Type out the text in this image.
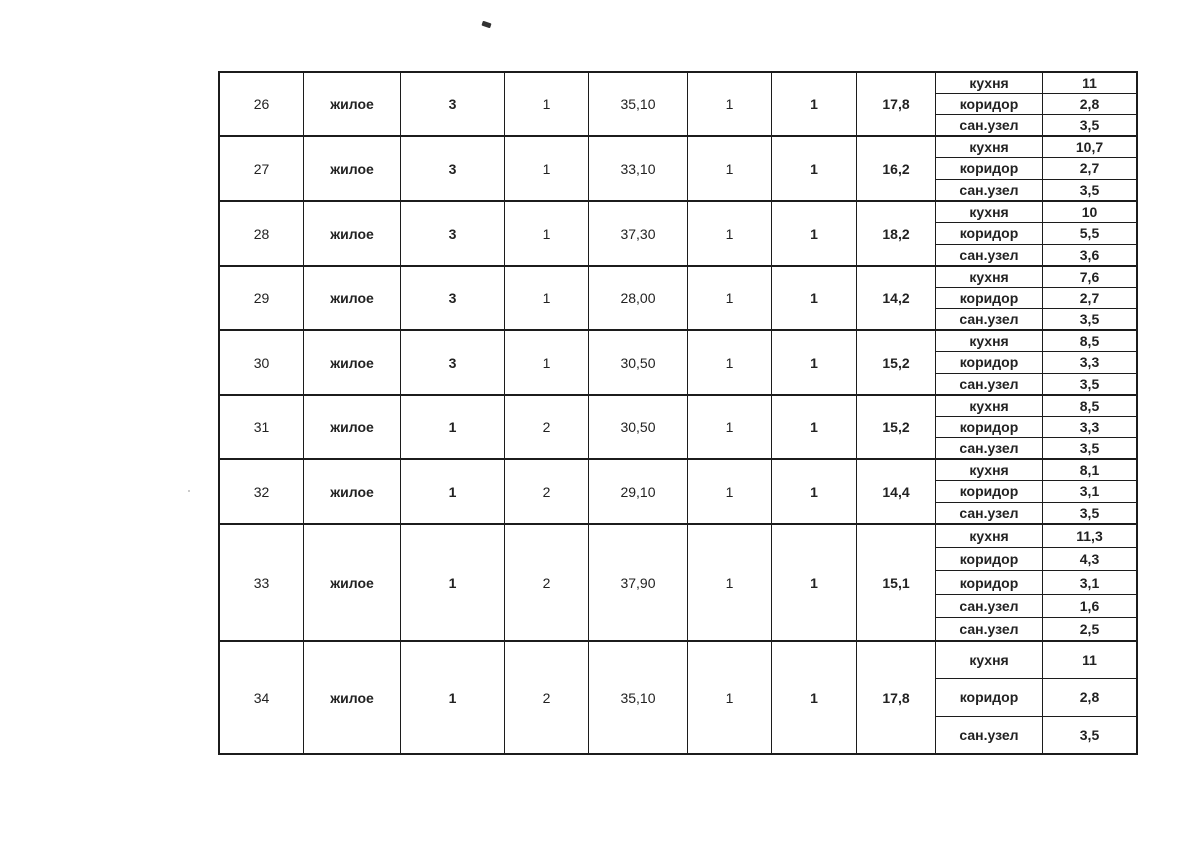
26	жилое	3	1	35,10	1	1	17,8
кухня	11
коридор	2,8
сан.узел	3,5
27	жилое	3	1	33,10	1	1	16,2
кухня	10,7
коридор	2,7
сан.узел	3,5
28	жилое	3	1	37,30	1	1	18,2
кухня	10
коридор	5,5
сан.узел	3,6
29	жилое	3	1	28,00	1	1	14,2
кухня	7,6
коридор	2,7
сан.узел	3,5
30	жилое	3	1	30,50	1	1	15,2
кухня	8,5
коридор	3,3
сан.узел	3,5
31	жилое	1	2	30,50	1	1	15,2
кухня	8,5
коридор	3,3
сан.узел	3,5
32	жилое	1	2	29,10	1	1	14,4
кухня	8,1
коридор	3,1
сан.узел	3,5
33	жилое	1	2	37,90	1	1	15,1
кухня	11,3
коридор	4,3
коридор	3,1
сан.узел	1,6
сан.узел	2,5
34	жилое	1	2	35,10	1	1	17,8
кухня	11
коридор	2,8
сан.узел	3,5
